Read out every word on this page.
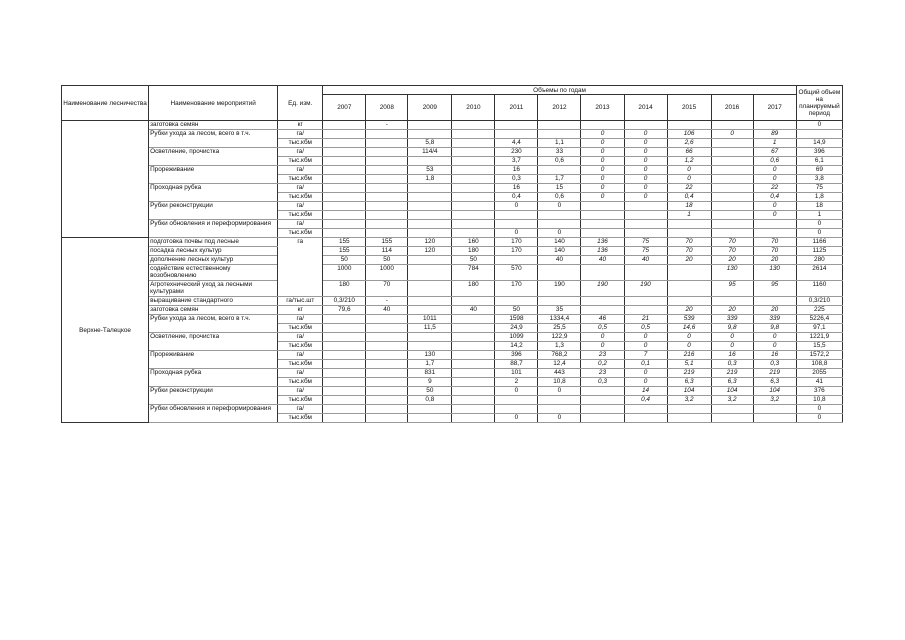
Наименование лесничества	Наименование мероприятий	Ед. изм.	Объемы по годам											Общий объем на планируемый период
			2007	2008	2009	2010	2011	2012	2013	2014	2015	2016	2017	
	заготовка семян	кг		-										0
	Рубки ухода за лесом, всего в т.ч.	га/							0	0	106	0	89	
		тыс.кбм			5,8		4,4	1,1	0	0	2,6		1	14,9
	Осветление, прочистка	га/			114/4		230	33	0	0	66		67	396
		тыс.кбм					3,7	0,6	0	0	1,2		0,6	6,1
	Прореживание	га/			53		16		0	0	0		0	69
		тыс.кбм			1,8		0,3	1,7	0	0	0		0	3,8
	Проходная рубка	га/					16	15	0	0	22		22	75
		тыс.кбм					0,4	0,6	0	0	0,4		0,4	1,8
	Рубки реконструкции	га/					0	0			18		0	18
		тыс.кбм									1		0	1
	Рубки обновления и переформирования	га/												0
		тыс.кбм					0	0						0
Верхне-Талецкое	подготовка почвы под лесные	га	155	155	120	160	170	140	136	75	70	70	70	1166
	посадка лесных культур		155	114	120	180	170	140	136	75	70	70	70	1125
	дополнение лесных культур		50	50		50		40	40	40	20	20	20	280
	содействие естественному возобновлению		1000	1000		784	570					130	130	2614
	Агротехнический уход за лесными культурами		180	70		180	170	190	190	190		95	95	1160
	выращивание стандартного	га/тыс.шт	0,3/210	-										0,3/210
	заготовка семян	кг	79,6	40		40	50	35			20	20	20	225
	Рубки ухода за лесом, всего в т.ч.	га/			1011		1598	1334,4	46	21	539	339	339	5226,4
		тыс.кбм			11,5		24,9	25,5	0,5	0,5	14,6	9,8	9,8	97,1
	Осветление, прочистка	га/					1099	122,9	0	0	0	0	0	1221,9
		тыс.кбм					14,2	1,3	0	0	0	0	0	15,5
	Прореживание	га/			130		396	768,2	23	7	216	16	16	1572,2
		тыс.кбм			1,7		88,7	12,4	0,2	0,1	5,1	0,3	0,3	108,8
	Проходная рубка	га/			831		101	443	23	0	219	219	219	2055
		тыс.кбм			9		2	10,8	0,3	0	6,3	6,3	6,3	41
	Рубки реконструкции	га/			50		0	0		14	104	104	104	376
		тыс.кбм			0,8					0,4	3,2	3,2	3,2	10,8
	Рубки обновления и переформирования	га/												0
		тыс.кбм					0	0						0
